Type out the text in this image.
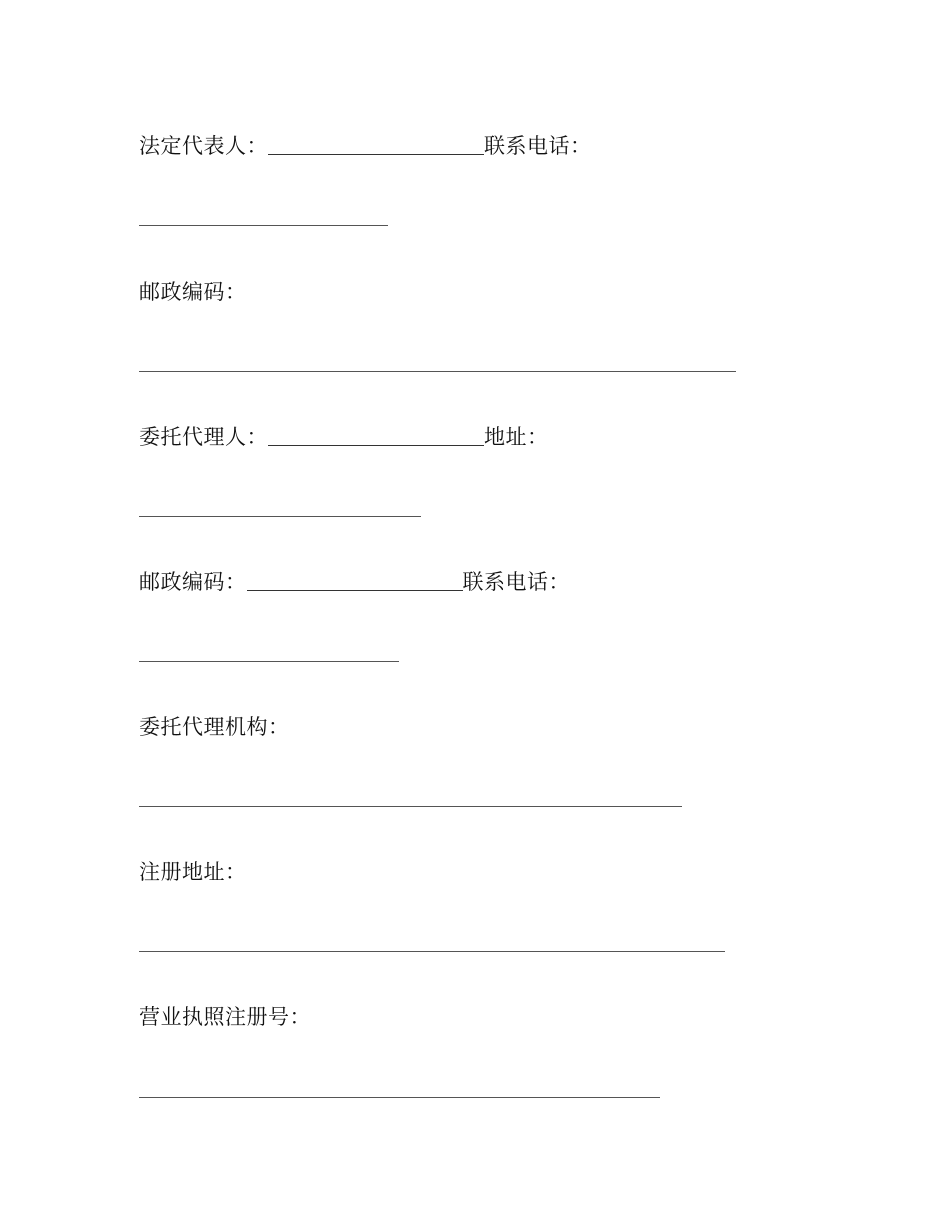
法定代表人：	联系电话：
邮政编码：
委托代理人：	地址：
邮政编码：	联系电话：
委托代理机构：
注册地址：
营业执照注册号：
